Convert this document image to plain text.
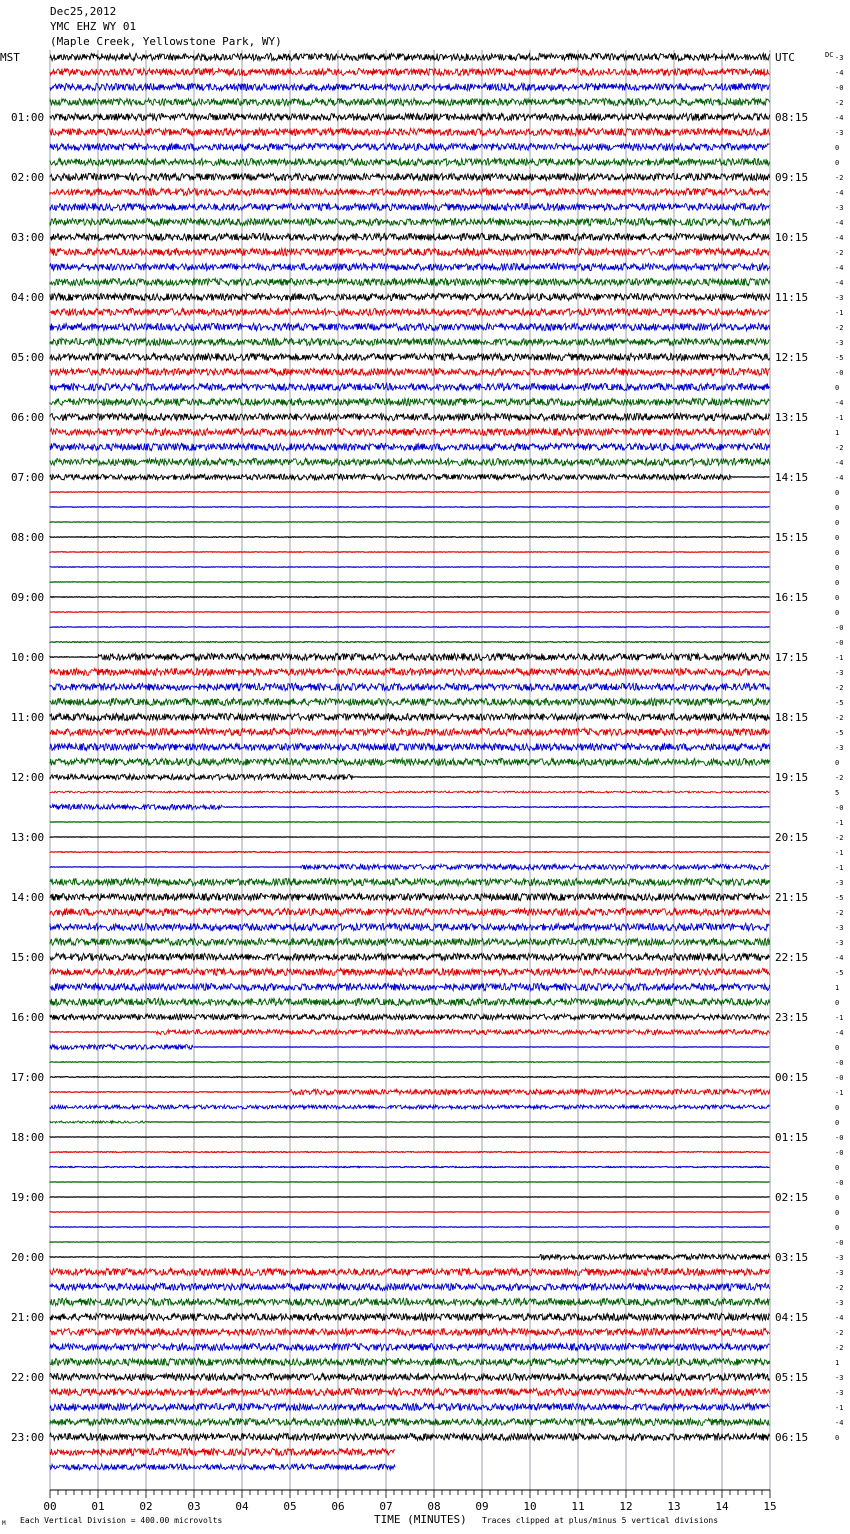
Dec25,2012
YMC EHZ WY 01
(Maple Creek, Yellowstone Park, WY)
MST	DC
01:00
02:00
03:00
04:00
05:00
06:00
07:00
08:00
09:00
10:00
11:00
12:00
13:00
14:00
15:00
16:00
17:00
18:00
19:00
20:00
21:00
22:00
23:00
UTC
08:15
09:15
10:15
11:15
12:15
13:15
14:15
15:15
16:15
17:15
18:15
19:15
20:15
21:15
22:15
23:15
00:15
01:15
02:15
03:15
04:15
05:15
06:15
-3
-4
-0
-2
-4
-3
0
0
-2
-4
-3
-4
-4
-2
-4
-4
-3
-1
-2
-3
-5
-0
0
-4
-1
1
-2
-4
-4
0
0
0
0
0
0
0
0
0
-0
-0
-1
-3
-2
-5
-2
-5
-3
0
-2
5
-0
-1
-2
-1
-1
-3
-5
-2
-3
-3
-4
-5
1
0
-1
-4
0
-0
-0
-1
0
0
-0
-0
0
-0
0
0
0
-0
-3
-3
-2
-3
-4
-2
-2
1
-3
-3
-1
-4
0
00	01	02	03	04	05	06	07	08	09	10	11	12	13	14	15
M Each Vertical Division = 400.00 microvolts	TIME (MINUTES) Traces clipped at plus/minus 5 vertical divisions
